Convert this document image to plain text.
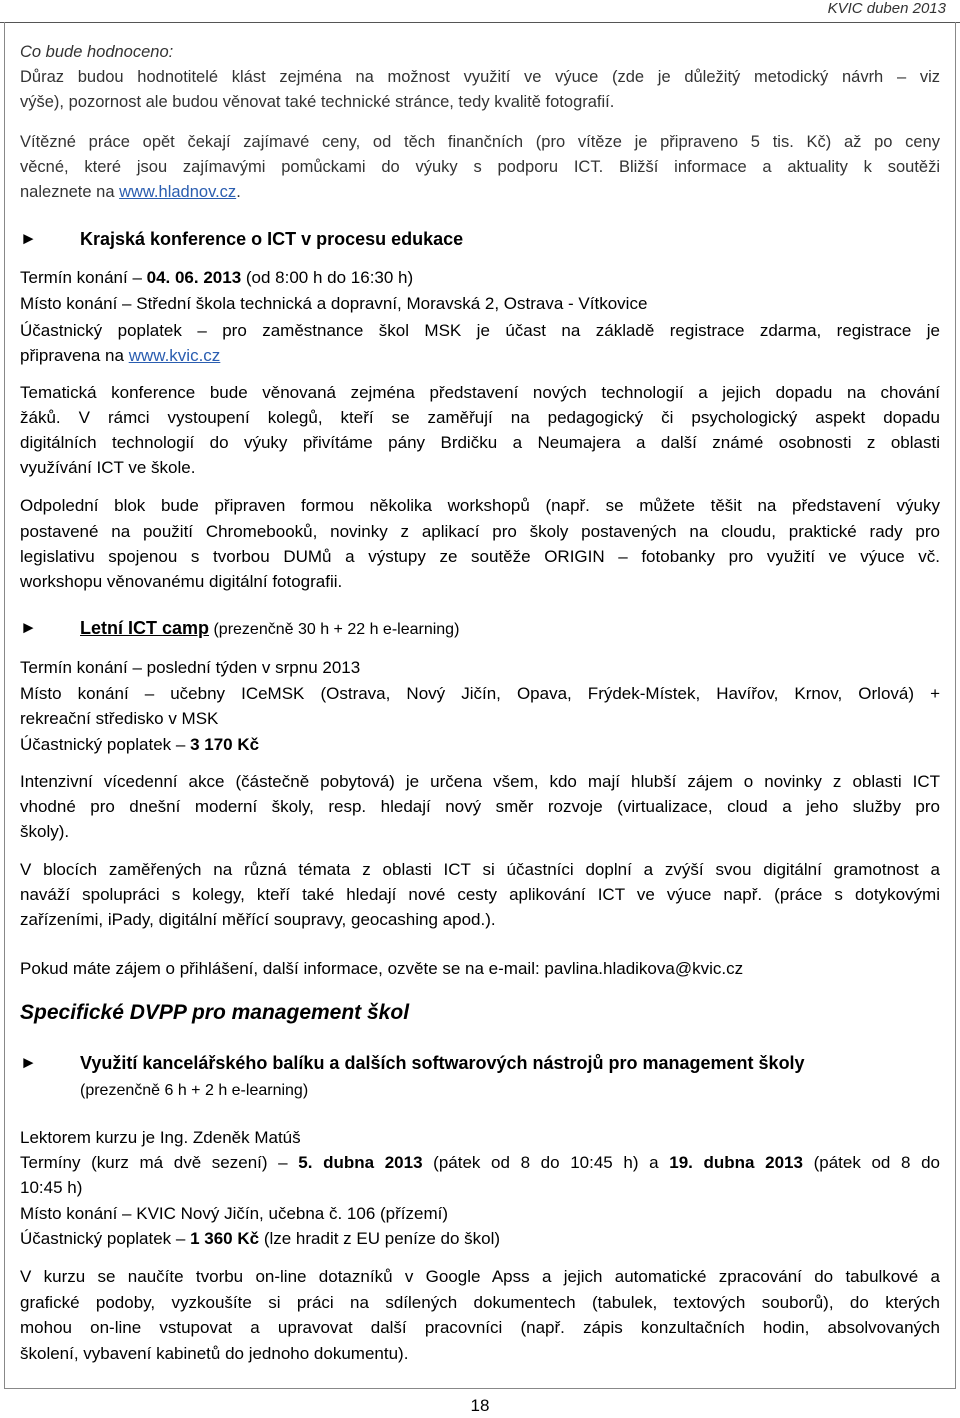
KVIC duben 2013
Co bude hodnoceno:
Důraz budou hodnotitelé klást zejména na možnost využití ve výuce (zde je důležitý metodický návrh – viz
výše), pozornost ale budou věnovat také technické stránce, tedy kvalitě fotografií.
Vítězné práce opět čekají zajímavé ceny, od těch finančních (pro vítěze je připraveno 5 tis. Kč) až po ceny
věcné, které jsou zajímavými pomůckami do výuky s podporu ICT. Bližší informace a aktuality k soutěži
naleznete na www.hladnov.cz.
► Krajská konference o ICT v procesu edukace
Termín konání – 04. 06. 2013 (od 8:00 h do 16:30 h)
Místo konání – Střední škola technická a dopravní, Moravská 2, Ostrava - Vítkovice
Účastnický poplatek – pro zaměstnance škol MSK je účast na základě registrace zdarma, registrace je
připravena na www.kvic.cz
Tematická konference bude věnovaná zejména představení nových technologií a jejich dopadu na chování
žáků. V rámci vystoupení kolegů, kteří se zaměřují na pedagogický či psychologický aspekt dopadu
digitálních technologií do výuky přivítáme pány Brdičku a Neumajera a další známé osobnosti z oblasti
využívání ICT ve škole.
Odpolední blok bude připraven formou několika workshopů (např. se můžete těšit na představení výuky
postavené na použití Chromebooků, novinky z aplikací pro školy postavených na cloudu, praktické rady pro
legislativu spojenou s tvorbou DUMů a výstupy ze soutěže ORIGIN – fotobanky pro využití ve výuce vč.
workshopu věnovanému digitální fotografii.
► Letní ICT camp (prezenčně 30 h + 22 h e-learning)
Termín konání – poslední týden v srpnu 2013
Místo konání – učebny ICeMSK (Ostrava, Nový Jičín, Opava, Frýdek-Místek, Havířov, Krnov, Orlová) +
rekreační středisko v MSK
Účastnický poplatek – 3 170 Kč
Intenzivní vícedenní akce (částečně pobytová) je určena všem, kdo mají hlubší zájem o novinky z oblasti ICT
vhodné pro dnešní moderní školy, resp. hledají nový směr rozvoje (virtualizace, cloud a jeho služby pro
školy).
V blocích zaměřených na různá témata z oblasti ICT si účastníci doplní a zvýší svou digitální gramotnost a
naváží spolupráci s kolegy, kteří také hledají nové cesty aplikování ICT ve výuce např. (práce s dotykovými
zařízeními, iPady, digitální měřící soupravy, geocashing apod.).
Pokud máte zájem o přihlášení, další informace, ozvěte se na e-mail: pavlina.hladikova@kvic.cz
Specifické DVPP pro management škol
► Využití kancelářského balíku a dalších softwarových nástrojů pro management školy
(prezenčně 6 h + 2 h e-learning)
Lektorem kurzu je Ing. Zdeněk Matúš
Termíny (kurz má dvě sezení) – 5. dubna 2013 (pátek od 8 do 10:45 h) a 19. dubna 2013 (pátek od 8 do
10:45 h)
Místo konání – KVIC Nový Jičín, učebna č. 106 (přízemí)
Účastnický poplatek – 1 360 Kč (lze hradit z EU peníze do škol)
V kurzu se naučíte tvorbu on-line dotazníků v Google Apss a jejich automatické zpracování do tabulkové a
grafické podoby, vyzkoušíte si práci na sdílených dokumentech (tabulek, textových souborů), do kterých
mohou on-line vstupovat a upravovat další pracovníci (např. zápis konzultačních hodin, absolvovaných
školení, vybavení kabinetů do jednoho dokumentu).
18
